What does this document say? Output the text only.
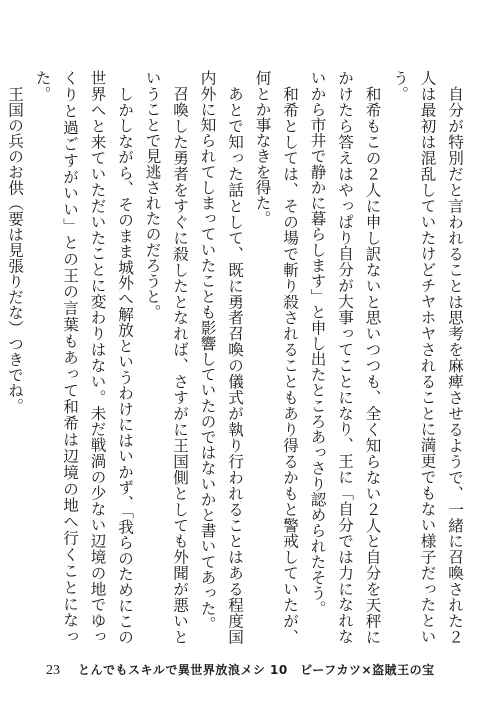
自分が特別だと言われることは思考を麻痺させるようで、一緒に召喚された２人は最初は混乱していたけどチヤホヤされることに満更でもない様子だったという。

和希もこの２人に申し訳ないと思いつつも、全く知らない２人と自分を天秤にかけたら答えはやっぱり自分が大事ってことになり、王に「自分では力になれないから市井で静かに暮らします」と申し出たところあっさり認められたそう。

和希としては、その場で斬り殺されることもあり得るかもと警戒していたが、何とか事なきを得た。

あとで知った話として、既に勇者召喚の儀式が執り行われることはある程度国内外に知られてしまっていたことも影響していたのではないかと書いてあった。

召喚した勇者をすぐに殺したとなれば、さすがに王国側としても外聞が悪いということで見逃されたのだろうと。

しかしながら、そのまま城外へ解放というわけにはいかず、「我らのためにこの世界へと来ていただいたことに変わりはない。未だ戦渦の少ない辺境の地でゆっくりと過ごすがいい」との王の言葉もあって和希は辺境の地へ行くことになった。

王国の兵のお供（要は見張りだな）つきでね。

23 とんでもスキルで異世界放浪メシ 10　ビーフカツ×盗賊王の宝
